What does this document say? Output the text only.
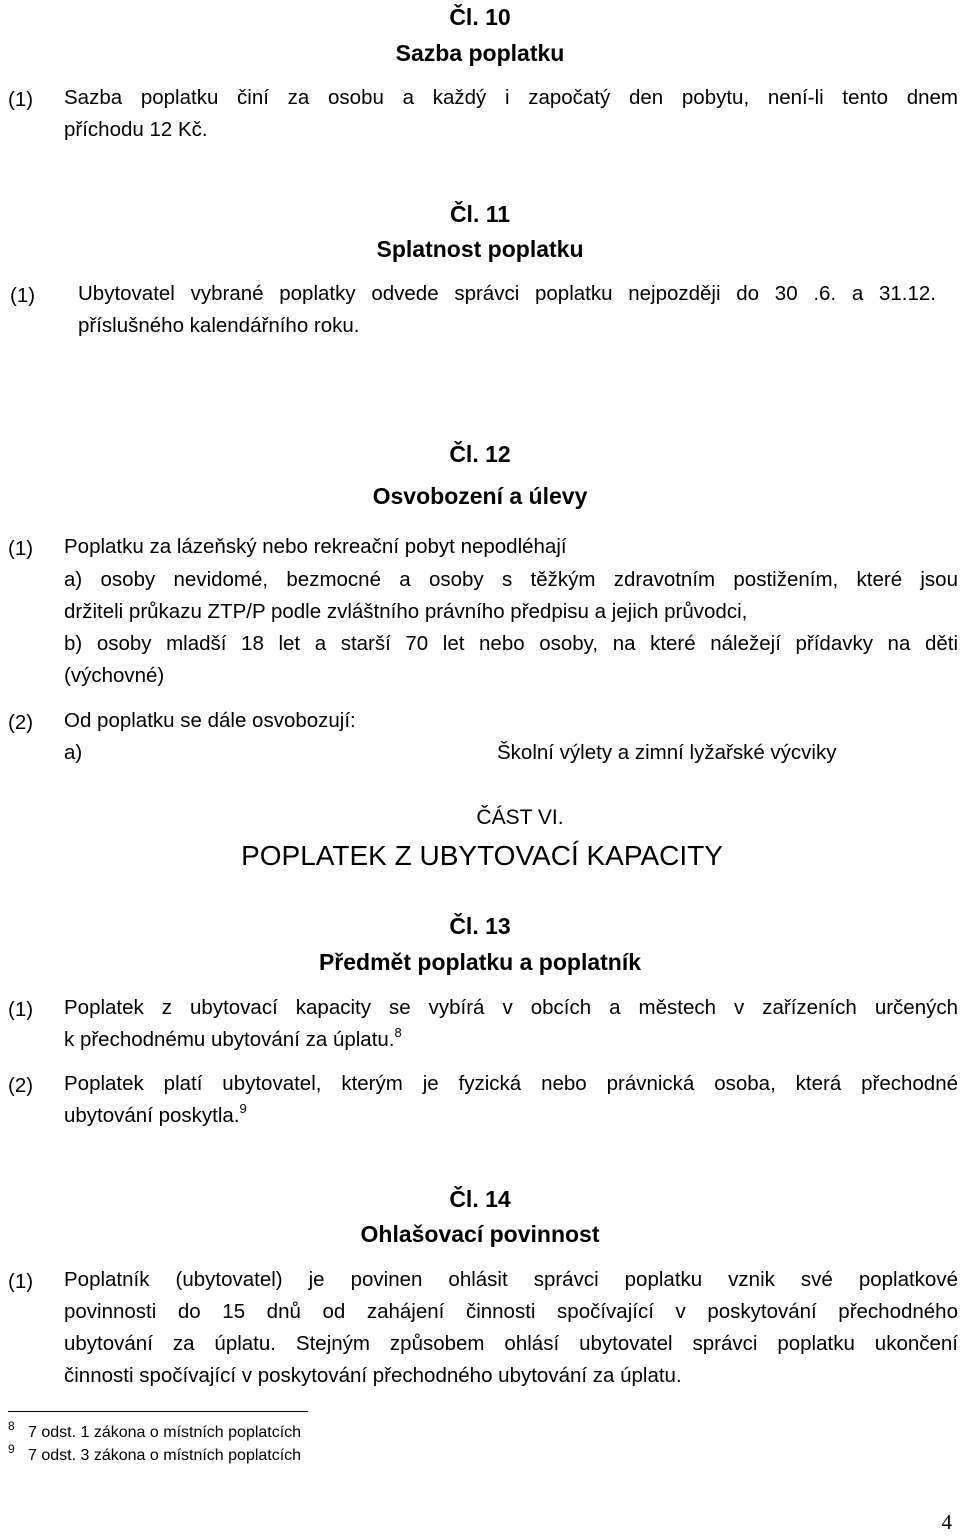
Čl. 10
Sazba poplatku
(1) Sazba poplatku činí za osobu a každý i započatý den pobytu, není-li tento dnem
příchodu 12 Kč.
Čl. 11
Splatnost poplatku
(1) Ubytovatel vybrané poplatky odvede správci poplatku nejpozději do 30 .6. a 31.12.
příslušného kalendářního roku.
Čl. 12
Osvobození a úlevy
(1) Poplatku za lázeňský nebo rekreační pobyt nepodléhají
a) osoby nevidomé, bezmocné a osoby s těžkým zdravotním postižením, které jsou
držiteli průkazu ZTP/P podle zvláštního právního předpisu a jejich průvodci,
b) osoby mladší 18 let a starší 70 let nebo osoby, na které náležejí přídavky na děti
(výchovné)
(2) Od poplatku se dále osvobozují:
a)	Školní výlety a zimní lyžařské výcviky
ČÁST VI.
POPLATEK Z UBYTOVACÍ KAPACITY
Čl. 13
Předmět poplatku a poplatník
(1) Poplatek z ubytovací kapacity se vybírá v obcích a městech v zařízeních určených
k přechodnému ubytování za úplatu.$^8$
(2) Poplatek platí ubytovatel, kterým je fyzická nebo právnická osoba, která přechodné
ubytování poskytla.$^9$
Čl. 14
Ohlašovací povinnost
(1) Poplatník (ubytovatel) je povinen ohlásit správci poplatku vznik své poplatkové
povinnosti do 15 dnů od zahájení činnosti spočívající v poskytování přechodného
ubytování za úplatu. Stejným způsobem ohlásí ubytovatel správci poplatku ukončení
činnosti spočívající v poskytování přechodného ubytování za úplatu.
$^8$ 7 odst. 1 zákona o místních poplatcích
$^9$ 7 odst. 3 zákona o místních poplatcích
4
